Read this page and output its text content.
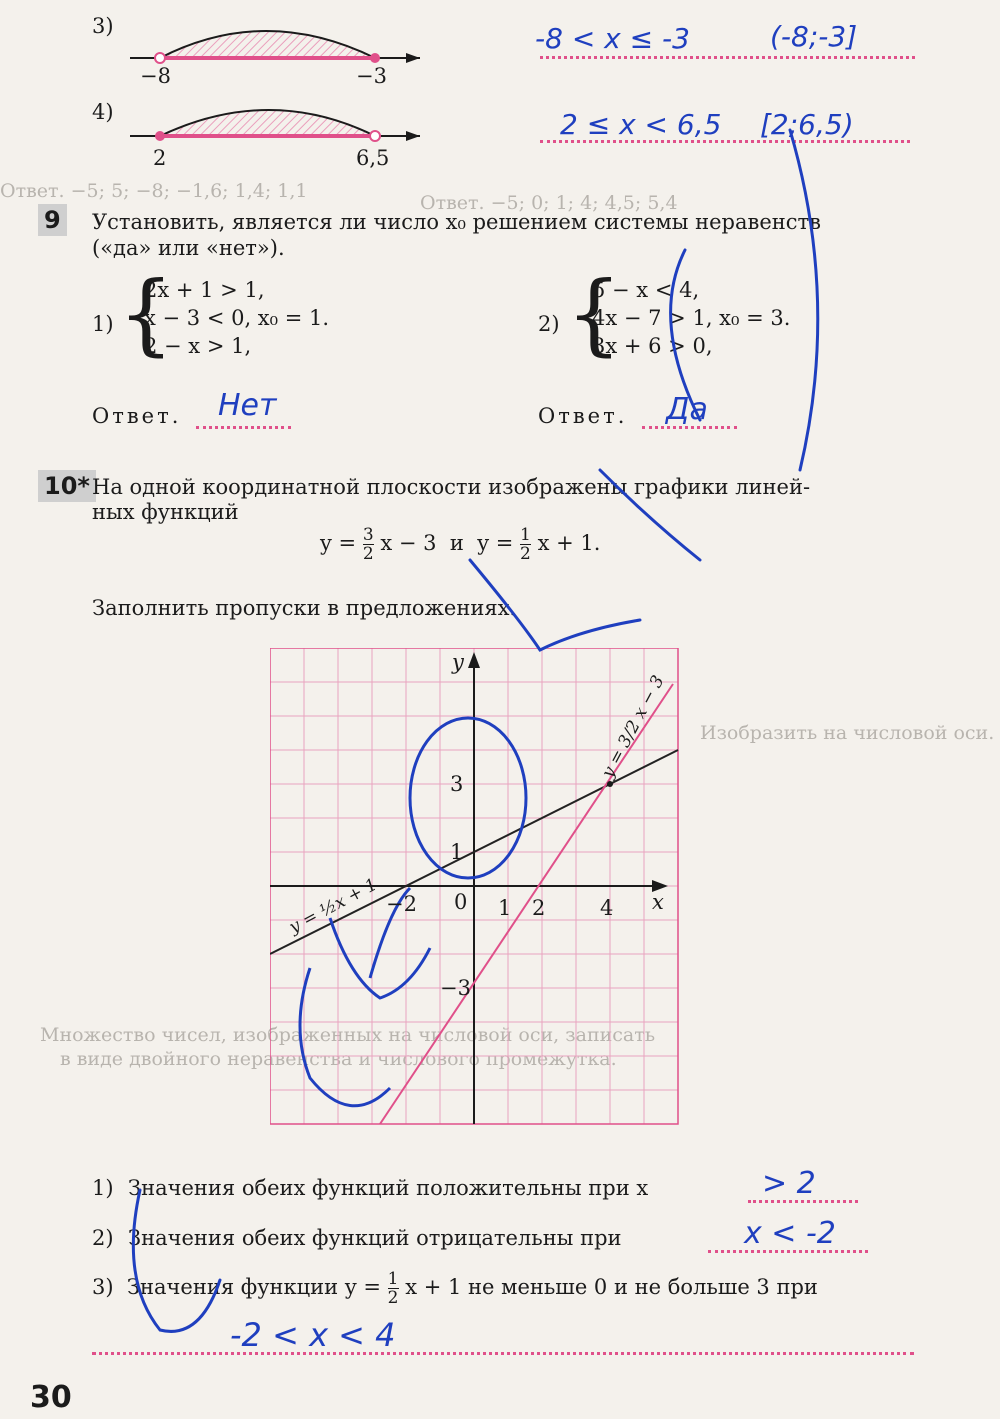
Ответ. −5; 0; 1; 4; 4,5; 5,4
Ответ. −5; 5; −8; −1,6; 1,4; 1,1
Изобразить на числовой оси.
Множество чисел, изображенных на числовой оси, записать
в виде двойного неравенства и числового промежутка.
3)
−8	−3
-8 < x ≤ -3	(-8;-3]
4)
2	6,5
2 ≤ x < 6,5 [2;6,5)
9 Установить, является ли число x₀ решением системы неравенств
(«да» или «нет»).
1) {
2x + 1 > 1,
x − 3 < 0, x₀ = 1.
2 − x > 1,
2) {
5 − x < 4,
4x − 7 > 1, x₀ = 3.
3x + 6 > 0,
Ответ. Нет	Ответ. Да
10* На одной координатной плоскости изображены графики линей-
ных функций
$y = \frac{3}{2}$ x − 3 и $y = \frac{1}{2}$ x + 1.
Заполнить пропуски в предложениях.
y
x
−2 0 1 2	4
3
1
−3
y = ½x + 1
y = 3/2 x − 3
1) Значения обеих функций положительны при x	> 2
2) Значения обеих функций отрицательны при	x < -2
3) Значения функции $y = \frac{1}{2}$ x + 1 не меньше 0 и не больше 3 при
-2 < x < 4
30
